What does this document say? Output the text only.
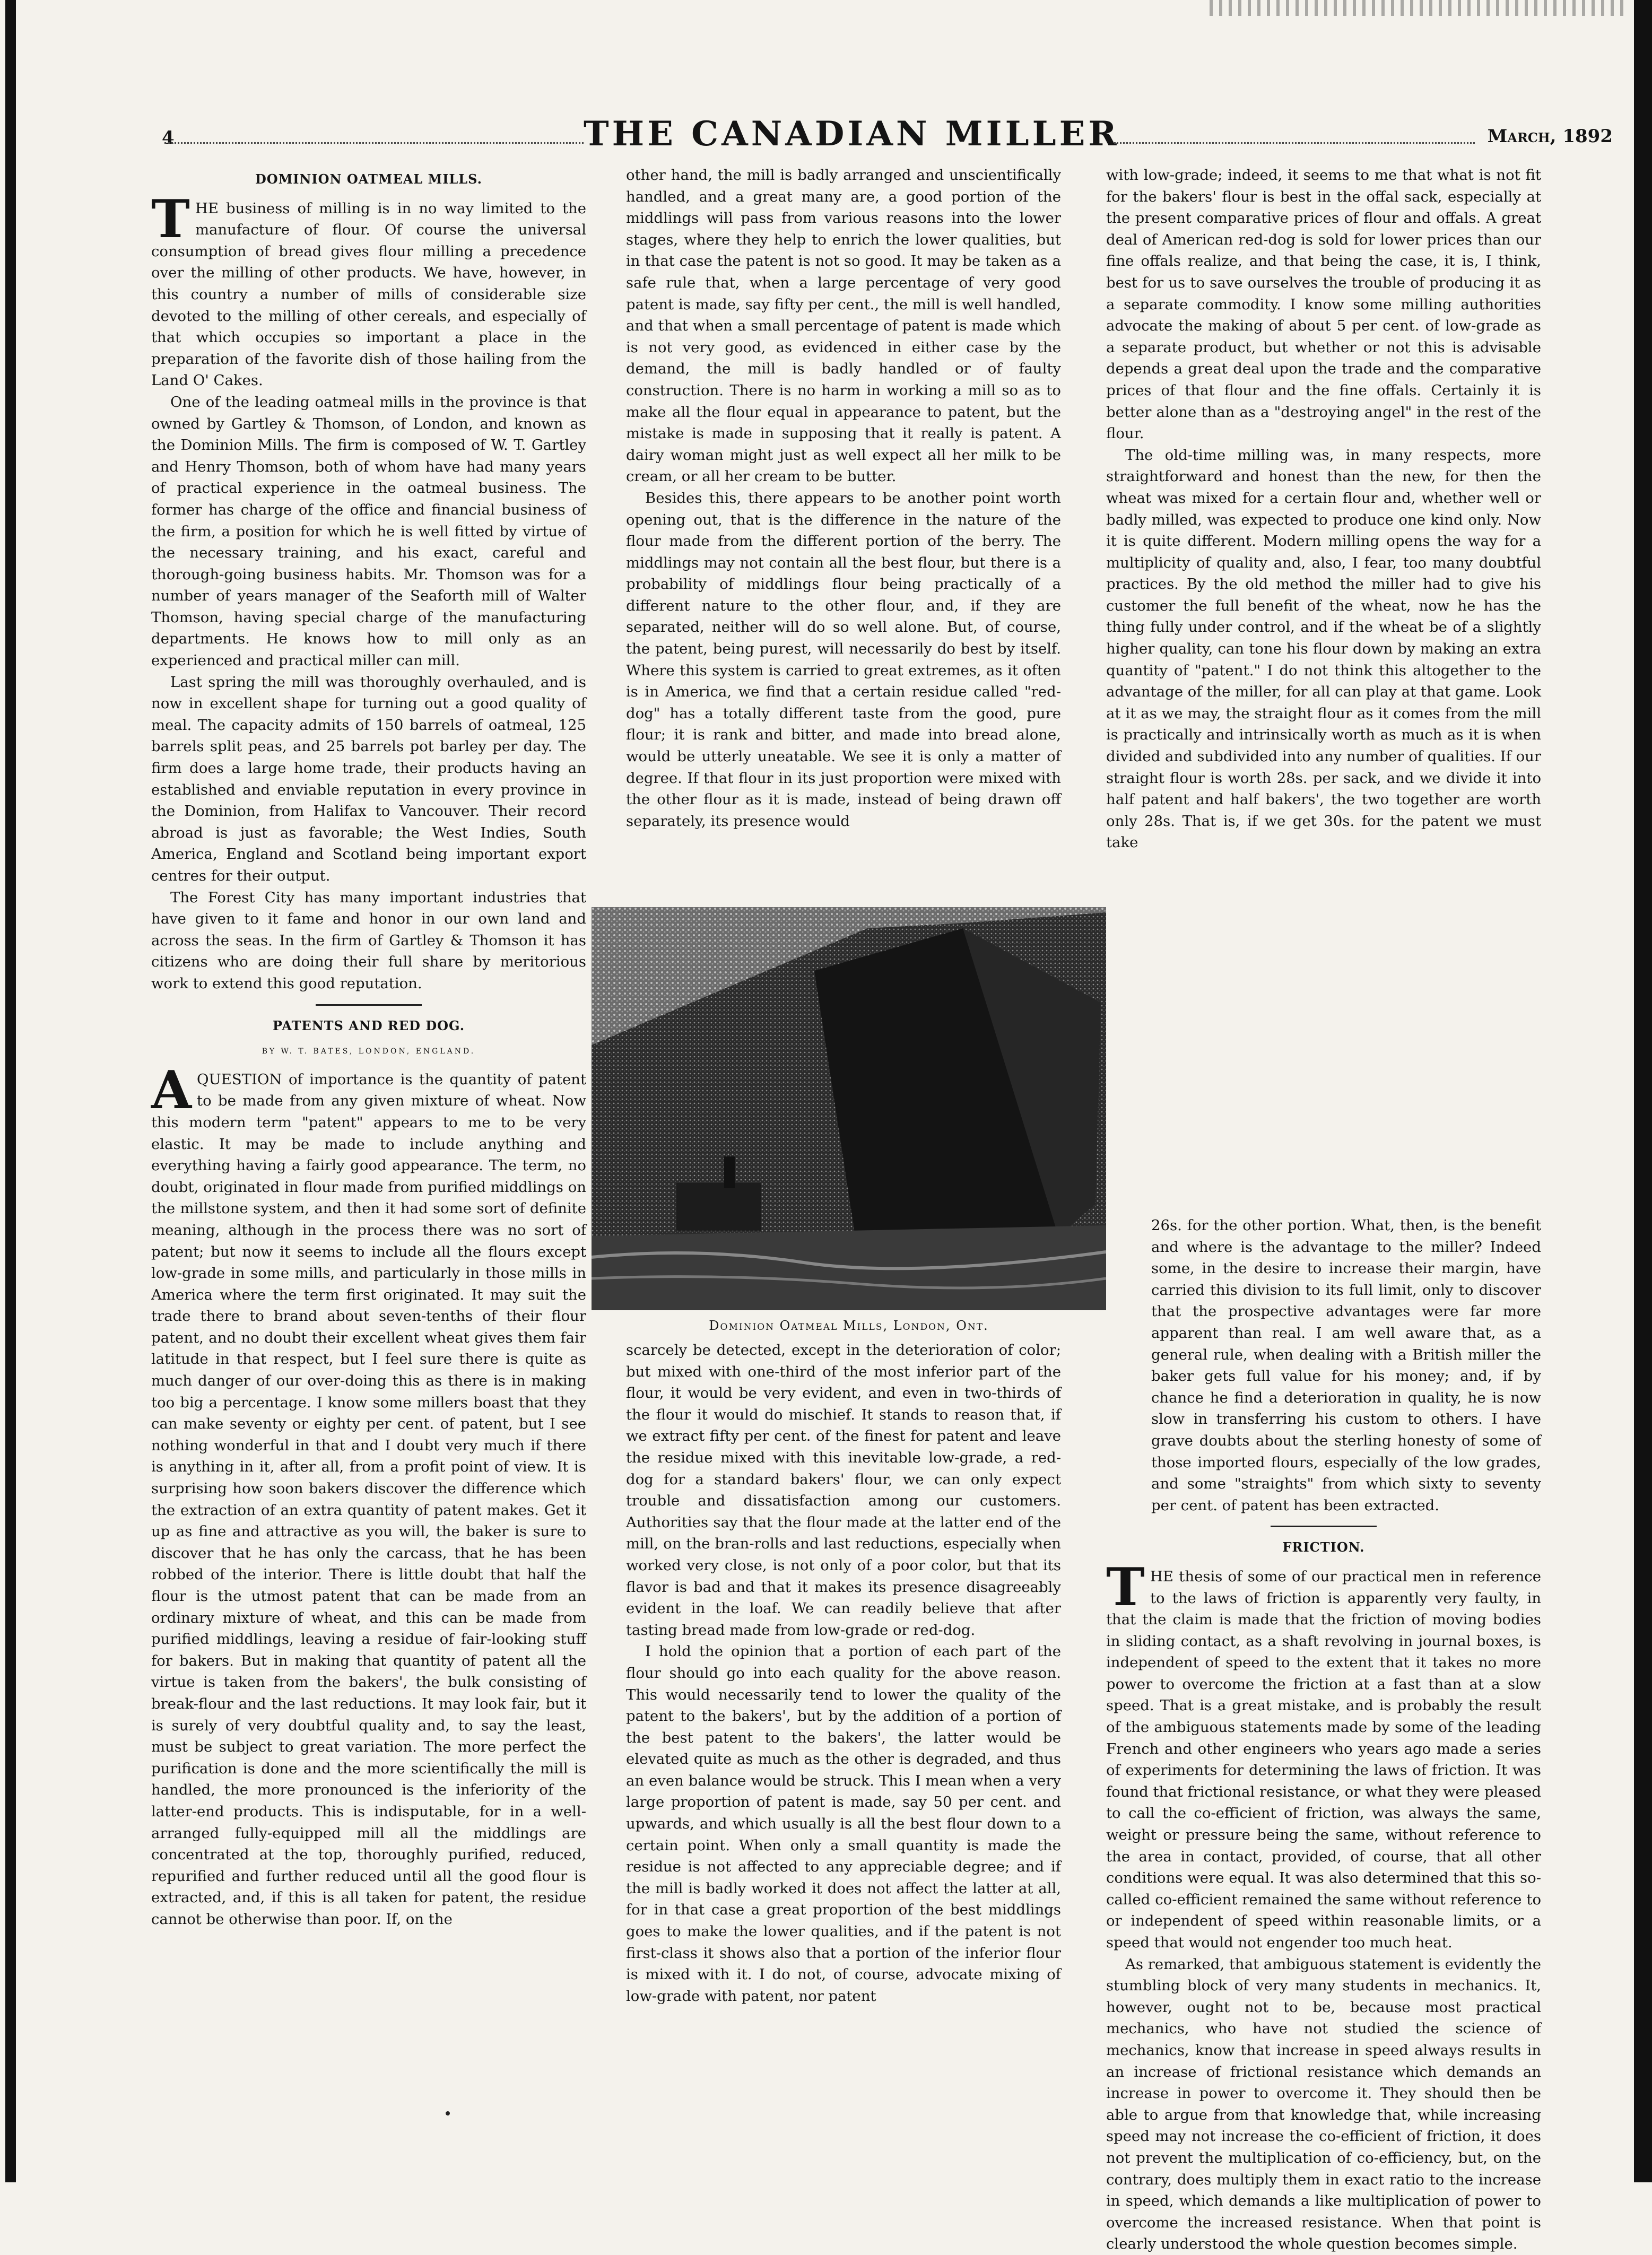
4	THE CANADIAN MILLER	March, 1892
DOMINION OATMEAL MILLS.

THE business of milling is in no way limited to the manufacture of flour. Of course the universal consumption of bread gives flour milling a precedence over the milling of other products. We have, however, in this country a number of mills of considerable size devoted to the milling of other cereals, and especially of that which occupies so important a place in the preparation of the favorite dish of those hailing from the Land O' Cakes.

One of the leading oatmeal mills in the province is that owned by Gartley & Thomson, of London, and known as the Dominion Mills. The firm is composed of W. T. Gartley and Henry Thomson, both of whom have had many years of practical experience in the oatmeal business. The former has charge of the office and financial business of the firm, a position for which he is well fitted by virtue of the necessary training, and his exact, careful and thorough-going business habits. Mr. Thomson was for a number of years manager of the Seaforth mill of Walter Thomson, having special charge of the manufacturing departments. He knows how to mill only as an experienced and practical miller can mill.

Last spring the mill was thoroughly overhauled, and is now in excellent shape for turning out a good quality of meal. The capacity admits of 150 barrels of oatmeal, 125 barrels split peas, and 25 barrels pot barley per day. The firm does a large home trade, their products having an established and enviable reputation in every province in the Dominion, from Halifax to Vancouver. Their record abroad is just as favorable; the West Indies, South America, England and Scotland being important export centres for their output.

The Forest City has many important industries that have given to it fame and honor in our own land and across the seas. In the firm of Gartley & Thomson it has citizens who are doing their full share by meritorious work to extend this good reputation.

PATENTS AND RED DOG.
BY W. T. BATES, LONDON, ENGLAND.

AQUESTION of importance is the quantity of patent to be made from any given mixture of wheat. Now this modern term "patent" appears to me to be very elastic. It may be made to include anything and everything having a fairly good appearance. The term, no doubt, originated in flour made from purified middlings on the millstone system, and then it had some sort of definite meaning, although in the process there was no sort of patent; but now it seems to include all the flours except low-grade in some mills, and particularly in those mills in America where the term first originated. It may suit the trade there to brand about seven-tenths of their flour patent, and no doubt their excellent wheat gives them fair latitude in that respect, but I feel sure there is quite as much danger of our over-doing this as there is in making too big a percentage. I know some millers boast that they can make seventy or eighty per cent. of patent, but I see nothing wonderful in that and I doubt very much if there is anything in it, after all, from a profit point of view. It is surprising how soon bakers discover the difference which the extraction of an extra quantity of patent makes. Get it up as fine and attractive as you will, the baker is sure to discover that he has only the carcass, that he has been robbed of the interior. There is little doubt that half the flour is the utmost patent that can be made from an ordinary mixture of wheat, and this can be made from purified middlings, leaving a residue of fair-looking stuff for bakers. But in making that quantity of patent all the virtue is taken from the bakers', the bulk consisting of break-flour and the last reductions. It may look fair, but it is surely of very doubtful quality and, to say the least, must be subject to great variation. The more perfect the purification is done and the more scientifically the mill is handled, the more pronounced is the inferiority of the latter-end products. This is indisputable, for in a well-arranged fully-equipped mill all the middlings are concentrated at the top, thoroughly purified, reduced, repurified and further reduced until all the good flour is extracted, and, if this is all taken for patent, the residue cannot be otherwise than poor. If, on the

other hand, the mill is badly arranged and unscientifically handled, and a great many are, a good portion of the middlings will pass from various reasons into the lower stages, where they help to enrich the lower qualities, but in that case the patent is not so good. It may be taken as a safe rule that, when a large percentage of very good patent is made, say fifty per cent., the mill is well handled, and that when a small percentage of patent is made which is not very good, as evidenced in either case by the demand, the mill is badly handled or of faulty construction. There is no harm in working a mill so as to make all the flour equal in appearance to patent, but the mistake is made in supposing that it really is patent. A dairy woman might just as well expect all her milk to be cream, or all her cream to be butter.

Besides this, there appears to be another point worth opening out, that is the difference in the nature of the flour made from the different portion of the berry. The middlings may not contain all the best flour, but there is a probability of middlings flour being practically of a different nature to the other flour, and, if they are separated, neither will do so well alone. But, of course, the patent, being purest, will necessarily do best by itself. Where this system is carried to great extremes, as it often is in America, we find that a certain residue called "red-dog" has a totally different taste from the good, pure flour; it is rank and bitter, and made into bread alone, would be utterly uneatable. We see it is only a matter of degree. If that flour in its just proportion were mixed with the other flour as it is made, instead of being drawn off separately, its presence would

Dominion Oatmeal Mills, London, Ont.

scarcely be detected, except in the deterioration of color; but mixed with one-third of the most inferior part of the flour, it would be very evident, and even in two-thirds of the flour it would do mischief. It stands to reason that, if we extract fifty per cent. of the finest for patent and leave the residue mixed with this inevitable low-grade, a red-dog for a standard bakers' flour, we can only expect trouble and dissatisfaction among our customers. Authorities say that the flour made at the latter end of the mill, on the bran-rolls and last reductions, especially when worked very close, is not only of a poor color, but that its flavor is bad and that it makes its presence disagreeably evident in the loaf. We can readily believe that after tasting bread made from low-grade or red-dog.

I hold the opinion that a portion of each part of the flour should go into each quality for the above reason. This would necessarily tend to lower the quality of the patent to the bakers', but by the addition of a portion of the best patent to the bakers', the latter would be elevated quite as much as the other is degraded, and thus an even balance would be struck. This I mean when a very large proportion of patent is made, say 50 per cent. and upwards, and which usually is all the best flour down to a certain point. When only a small quantity is made the residue is not affected to any appreciable degree; and if the mill is badly worked it does not affect the latter at all, for in that case a great proportion of the best middlings goes to make the lower qualities, and if the patent is not first-class it shows also that a portion of the inferior flour is mixed with it. I do not, of course, advocate mixing of low-grade with patent, nor patent

with low-grade; indeed, it seems to me that what is not fit for the bakers' flour is best in the offal sack, especially at the present comparative prices of flour and offals. A great deal of American red-dog is sold for lower prices than our fine offals realize, and that being the case, it is, I think, best for us to save ourselves the trouble of producing it as a separate commodity. I know some milling authorities advocate the making of about 5 per cent. of low-grade as a separate product, but whether or not this is advisable depends a great deal upon the trade and the comparative prices of that flour and the fine offals. Certainly it is better alone than as a "destroying angel" in the rest of the flour.

The old-time milling was, in many respects, more straightforward and honest than the new, for then the wheat was mixed for a certain flour and, whether well or badly milled, was expected to produce one kind only. Now it is quite different. Modern milling opens the way for a multiplicity of quality and, also, I fear, too many doubtful practices. By the old method the miller had to give his customer the full benefit of the wheat, now he has the thing fully under control, and if the wheat be of a slightly higher quality, can tone his flour down by making an extra quantity of "patent." I do not think this altogether to the advantage of the miller, for all can play at that game. Look at it as we may, the straight flour as it comes from the mill is practically and intrinsically worth as much as it is when divided and subdivided into any number of qualities. If our straight flour is worth 28s. per sack, and we divide it into half patent and half bakers', the two together are worth only 28s. That is, if we get 30s. for the patent we must take

26s. for the other portion. What, then, is the benefit and where is the advantage to the miller? Indeed some, in the desire to increase their margin, have carried this division to its full limit, only to discover that the prospective advantages were far more apparent than real. I am well aware that, as a general rule, when dealing with a British miller the baker gets full value for his money; and, if by chance he find a deterioration in quality, he is now slow in transferring his custom to others. I have grave doubts about the sterling honesty of some of those imported flours, especially of the low grades, and some "straights" from which sixty to seventy per cent. of patent has been extracted.

FRICTION.

THE thesis of some of our practical men in reference to the laws of friction is apparently very faulty, in that the claim is made that the friction of moving bodies in sliding contact, as a shaft revolving in journal boxes, is independent of speed to the extent that it takes no more power to overcome the friction at a fast than at a slow speed. That is a great mistake, and is probably the result of the ambiguous statements made by some of the leading French and other engineers who years ago made a series of experiments for determining the laws of friction. It was found that frictional resistance, or what they were pleased to call the co-efficient of friction, was always the same, weight or pressure being the same, without reference to the area in contact, provided, of course, that all other conditions were equal. It was also determined that this so-called co-efficient remained the same without reference to or independent of speed within reasonable limits, or a speed that would not engender too much heat.

As remarked, that ambiguous statement is evidently the stumbling block of very many students in mechanics. It, however, ought not to be, because most practical mechanics, who have not studied the science of mechanics, know that increase in speed always results in an increase of frictional resistance which demands an increase in power to overcome it. They should then be able to argue from that knowledge that, while increasing speed may not increase the co-efficient of friction, it does not prevent the multiplication of co-efficiency, but, on the contrary, does multiply them in exact ratio to the increase in speed, which demands a like multiplication of power to overcome the increased resistance. When that point is clearly understood the whole question becomes simple.
